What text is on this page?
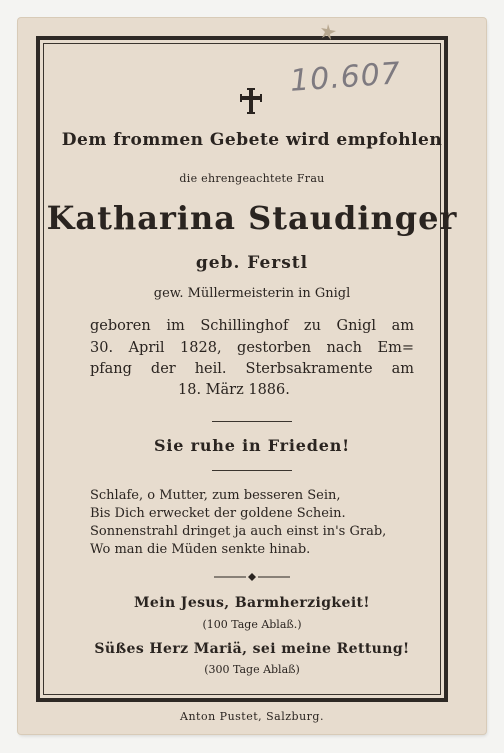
10.607
Dem frommen Gebete wird empfohlen
die ehrengeachtete Frau
Katharina Staudinger
geb. Ferstl
gew. Müllermeisterin in Gnigl
geboren im Schillinghof zu Gnigl am
30. April 1828, gestorben nach Em=
pfang der heil. Sterbsakramente am
18. März 1886.
Sie ruhe in Frieden!
Schlafe, o Mutter, zum besseren Sein,
Bis Dich erwecket der goldene Schein.
Sonnenstrahl dringet ja auch einst in's Grab,
Wo man die Müden senkte hinab.
Mein Jesus, Barmherzigkeit!
(100 Tage Ablaß.)
Süßes Herz Mariä, sei meine Rettung!
(300 Tage Ablaß)
Anton Pustet, Salzburg.
